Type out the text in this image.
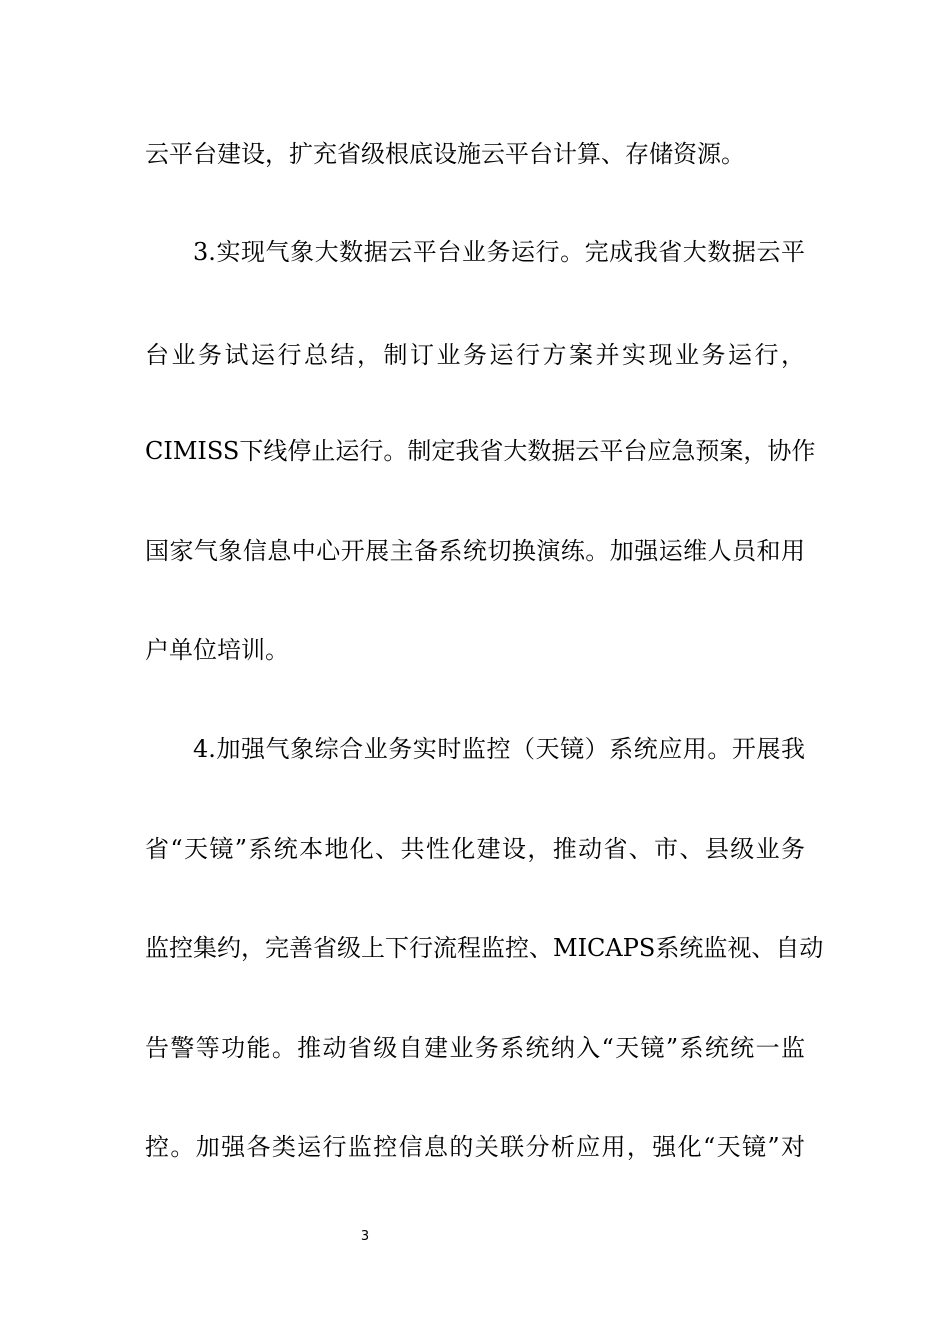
云平台建设，扩充省级根底设施云平台计算、存储资源。
3.实现气象大数据云平台业务运行。完成我省大数据云平
台业务试运行总结，制订业务运行方案并实现业务运行，
CIMISS下线停止运行。制定我省大数据云平台应急预案，协作
国家气象信息中心开展主备系统切换演练。加强运维人员和用
户单位培训。
4.加强气象综合业务实时监控（天镜）系统应用。开展我
省“天镜”系统本地化、共性化建设，推动省、市、县级业务
监控集约，完善省级上下行流程监控、MICAPS系统监视、自动
告警等功能。推动省级自建业务系统纳入“天镜”系统统一监
控。加强各类运行监控信息的关联分析应用，强化“天镜”对
3
